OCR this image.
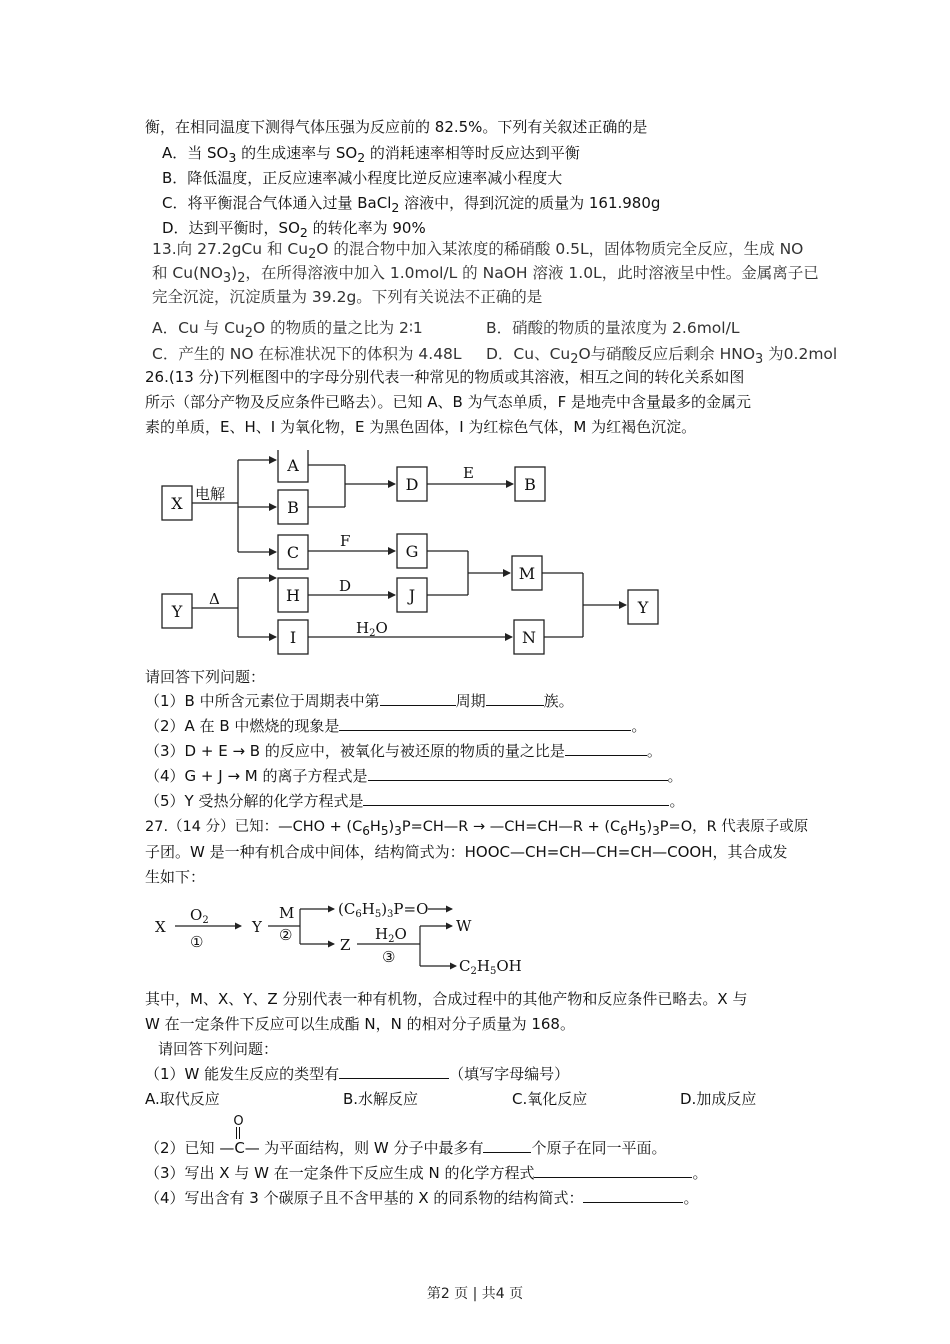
衡，在相同温度下测得气体压强为反应前的 82.5%。下列有关叙述正确的是
A．当 $SO_3$ 的生成速率与 $SO_2$ 的消耗速率相等时反应达到平衡
B．降低温度，正反应速率减小程度比逆反应速率减小程度大
C．将平衡混合气体通入过量 BaCl$_2$ 溶液中，得到沉淀的质量为 161.980g
D．达到平衡时，$SO_2$ 的转化率为 90%
13.向 27.2gCu 和 $Cu_2O$ 的混合物中加入某浓度的稀硝酸 0.5L，固体物质完全反应，生成 NO
和 $Cu(NO_3)_2$，在所得溶液中加入 1.0mol/L 的 NaOH 溶液 1.0L，此时溶液呈中性。金属离子已
完全沉淀，沉淀质量为 39.2g。下列有关说法不正确的是
A．Cu 与 $Cu_2O$ 的物质的量之比为 2∶1	B．硝酸的物质的量浓度为 2.6mol/L
C．产生的 NO 在标准状况下的体积为 4.48L D．Cu、$Cu_2O$与硝酸反应后剩余 $HNO_3$ 为0.2mol
26.(13 分)下列框图中的字母分别代表一种常见的物质或其溶液，相互之间的转化关系如图
所示（部分产物及反应条件已略去）。已知 A、B 为气态单质，F 是地壳中含量最多的金属元
素的单质，E、H、I 为氧化物，E 为黑色固体，I 为红棕色气体，M 为红褐色沉淀。
X
A
B
C
D	B
G
M
Y
H	J
I	N
Y
电解
E
F
Δ
D
$H_2O$
请回答下列问题：
（1）B 中所含元素位于周期表中第	周期	族。
（2）A 在 B 中燃烧的现象是	。
（3）D + E → B 的反应中，被氧化与被还原的物质的量之比是	。
（4）G + J → M 的离子方程式是	。
（5）Y 受热分解的化学方程式是	。
27.（14 分）已知：—CHO + $(C_6H_5)_3P=CH—R$ → —CH=CH—R + $(C_6H_5)_3P=O$，R 代表原子或原
子团。W 是一种有机合成中间体，结构简式为：HOOC—CH=CH—CH=CH—COOH，其合成发
生如下：
X
$O_2$
①
Y
M
②
$(C_6H_5)_3P=O$
Z
$H_2O$
③
W
$C_2H_5OH$
其中，M、X、Y、Z 分别代表一种有机物，合成过程中的其他产物和反应条件已略去。X 与
W 在一定条件下反应可以生成酯 N，N 的相对分子质量为 168。
请回答下列问题：
（1）W 能发生反应的类型有	（填写字母编号）
A.取代反应	B.水解反应	C.氧化反应	D.加成反应
（2）已知
O
—C— 为平面结构，则 W 分子中最多有	个原子在同一平面。
（3）写出 X 与 W 在一定条件下反应生成 N 的化学方程式	。
（4）写出含有 3 个碳原子且不含甲基的 X 的同系物的结构简式：	。
第2 页 | 共4 页
